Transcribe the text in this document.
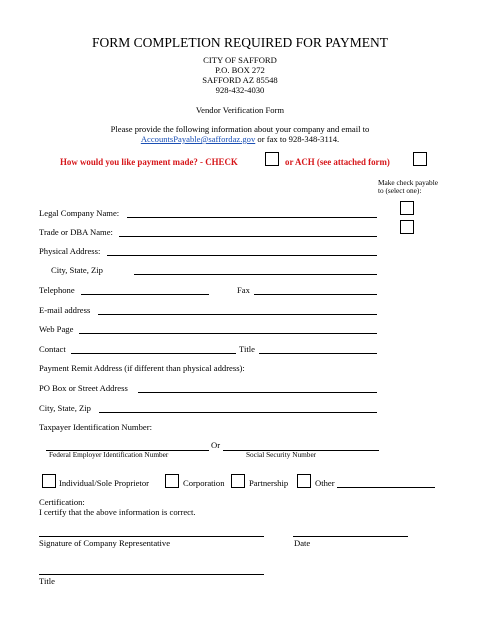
FORM COMPLETION REQUIRED FOR PAYMENT
CITY OF SAFFORD
P.O. BOX 272
SAFFORD AZ 85548
928-432-4030
Vendor Verification Form
Please provide the following information about your company and email to
AccountsPayable@saffordaz.gov or fax to 928-348-3114.
How would you like payment made? - CHECK	or ACH (see attached form)
Make check payable
to (select one):
Legal Company Name:
Trade or DBA Name:
Physical Address:
City, State, Zip
Telephone	Fax
E-mail address
Web Page
Contact	Title
Payment Remit Address (if different than physical address):
PO Box or Street Address
City, State, Zip
Taxpayer Identification Number:
Or
Federal Employer Identification Number	Social Security Number
Individual/Sole Proprietor	Corporation	Partnership	Other
Certification:
I certify that the above information is correct.
Signature of Company Representative	Date
Title
